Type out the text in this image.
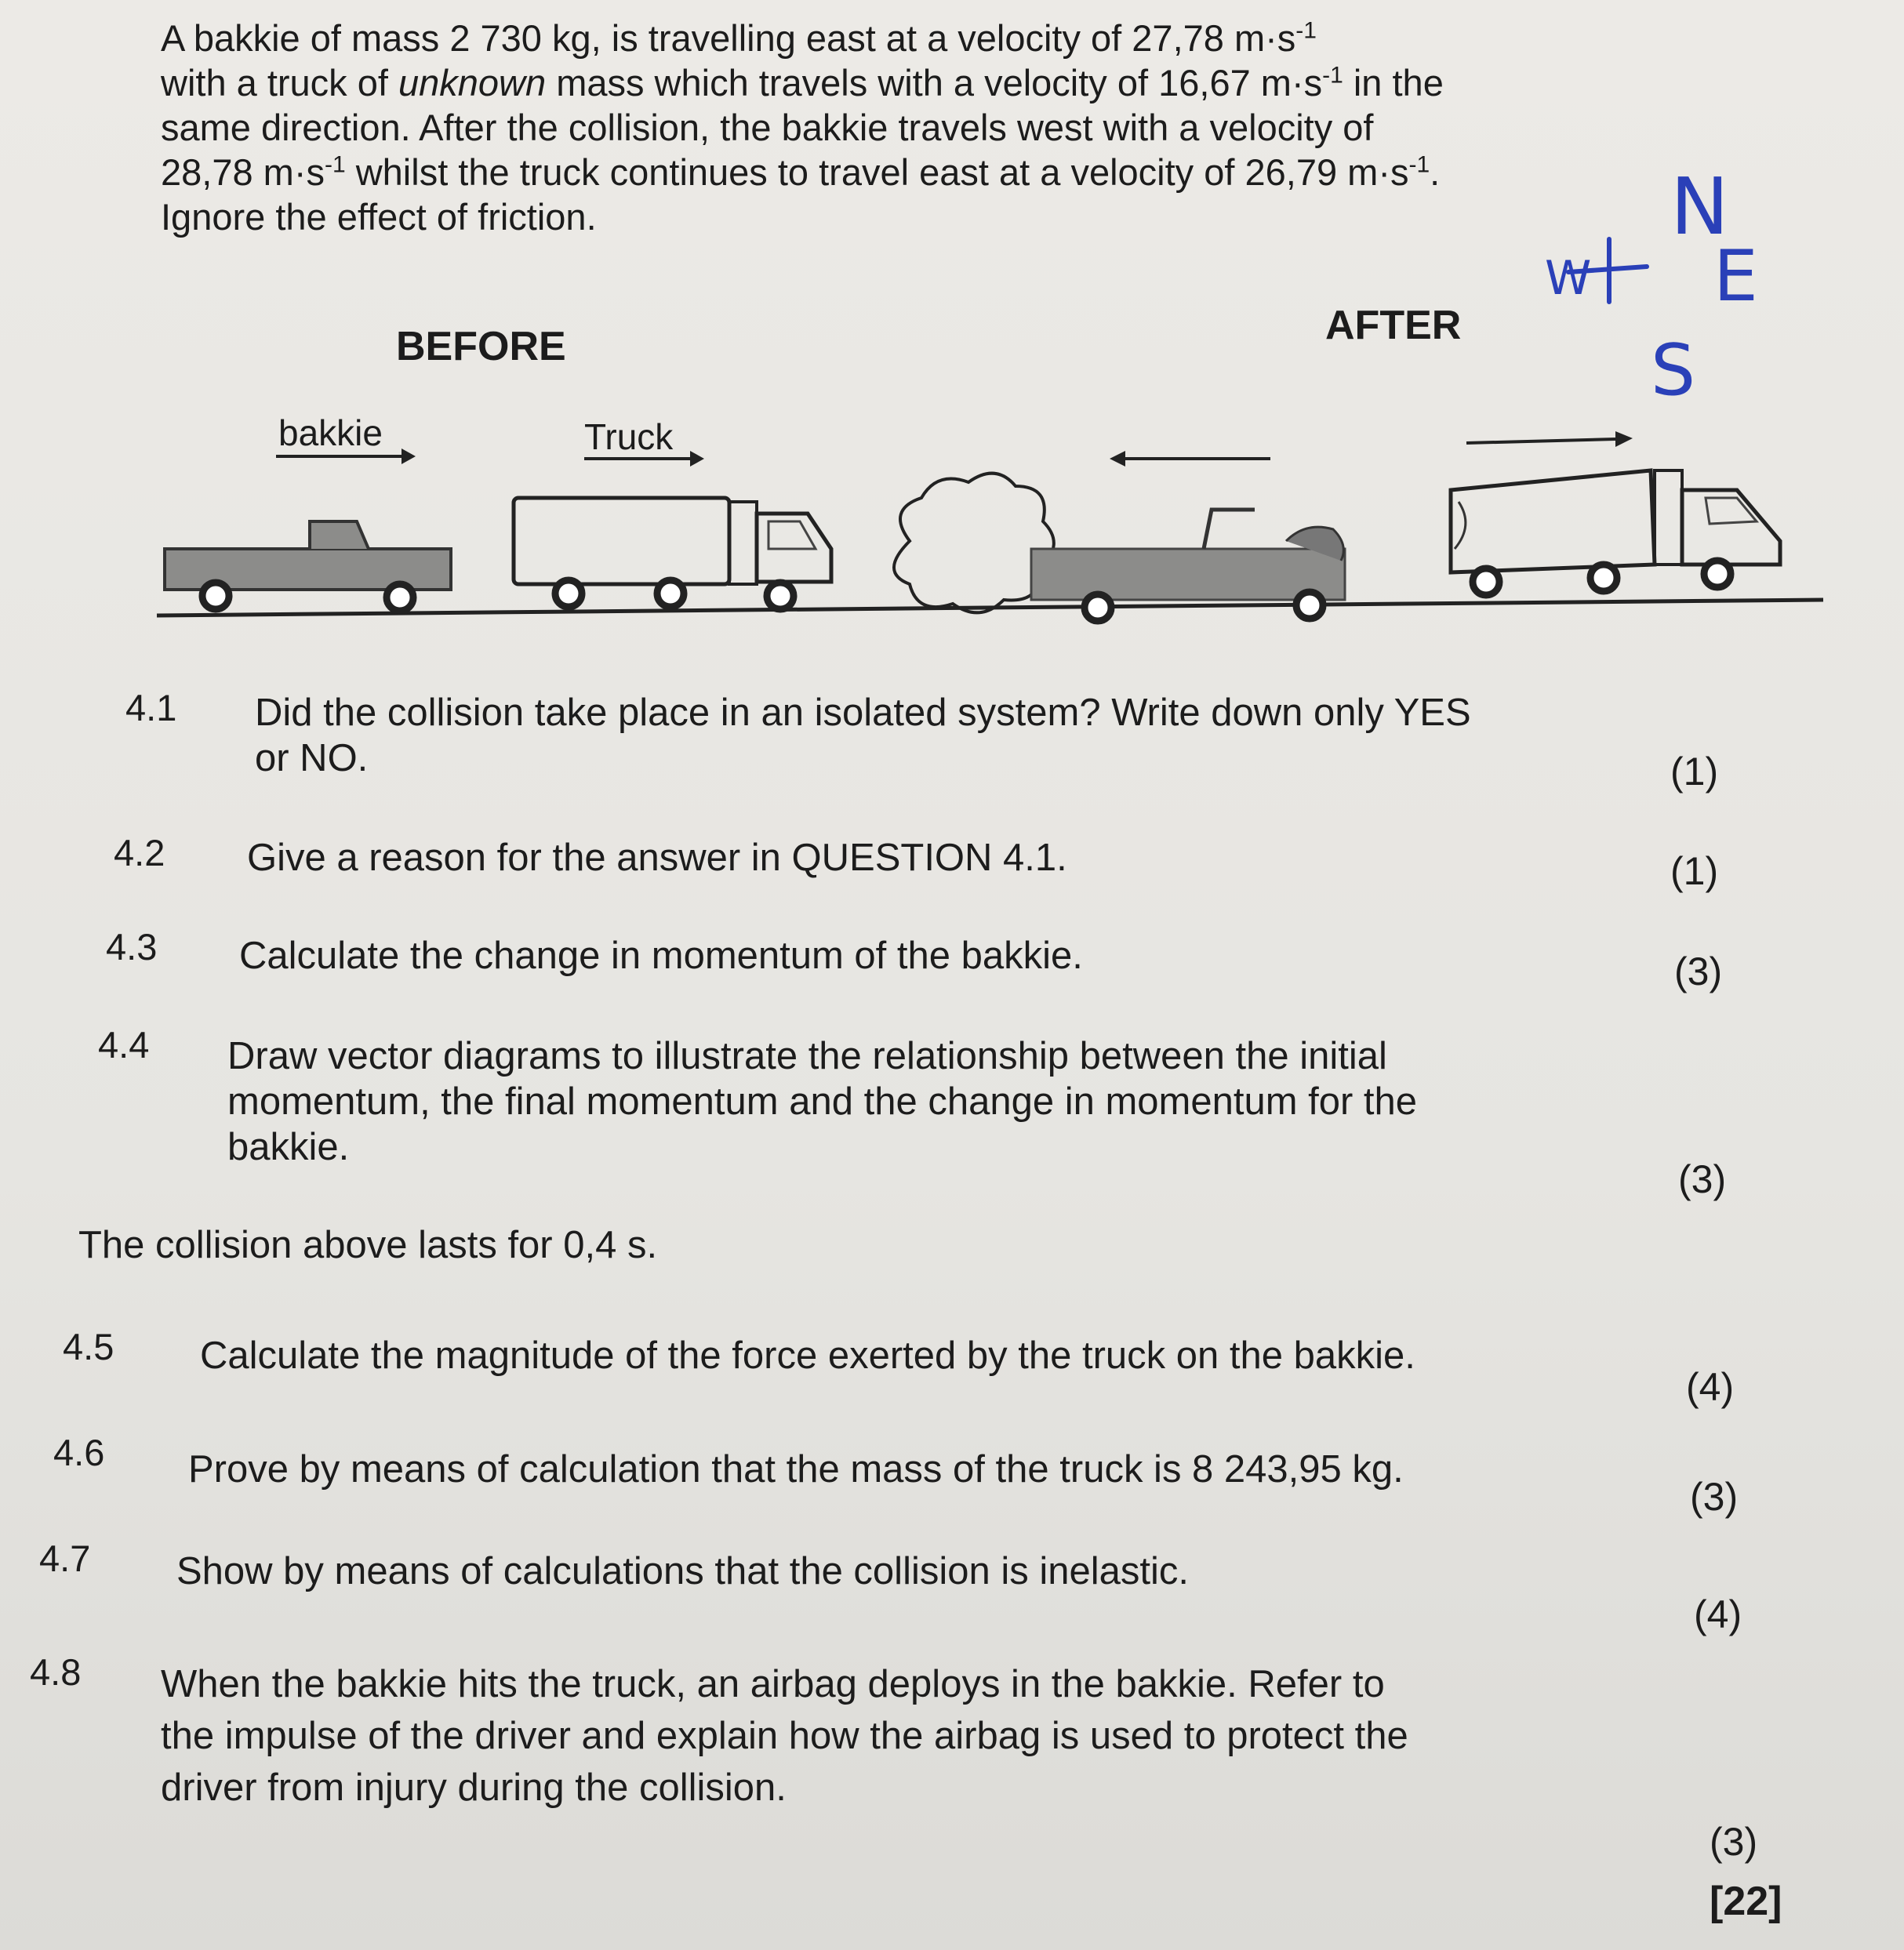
A bakkie of mass 2 730 kg, is travelling east at a velocity of 27,78 $m\cdot s^{-1}$

with a truck of unknown mass which travels with a velocity of 16,67 $m\cdot s^{-1}$ in the

same direction. After the collision, the bakkie travels west with a velocity of

28,78 $m\cdot s^{-1}$ whilst the truck continues to travel east at a velocity of 26,79 $m\cdot s^{-1}$.

Ignore the effect of friction.

BEFORE	AFTER
bakkie	Truck
N
W E
S
4.1 Did the collision take place in an isolated system? Write down only YES
or NO.	(1)
4.2 Give a reason for the answer in QUESTION 4.1.	(1)
4.3 Calculate the change in momentum of the bakkie.	(3)
4.4 Draw vector diagrams to illustrate the relationship between the initial
momentum, the final momentum and the change in momentum for the
bakkie.
(3)
The collision above lasts for 0,4 s.
4.5 Calculate the magnitude of the force exerted by the truck on the bakkie.
(4)
4.6 Prove by means of calculation that the mass of the truck is 8 243,95 kg.
(3)
4.7 Show by means of calculations that the collision is inelastic.
(4)
4.8 When the bakkie hits the truck, an airbag deploys in the bakkie. Refer to
the impulse of the driver and explain how the airbag is used to protect the
driver from injury during the collision.
(3)
[22]
